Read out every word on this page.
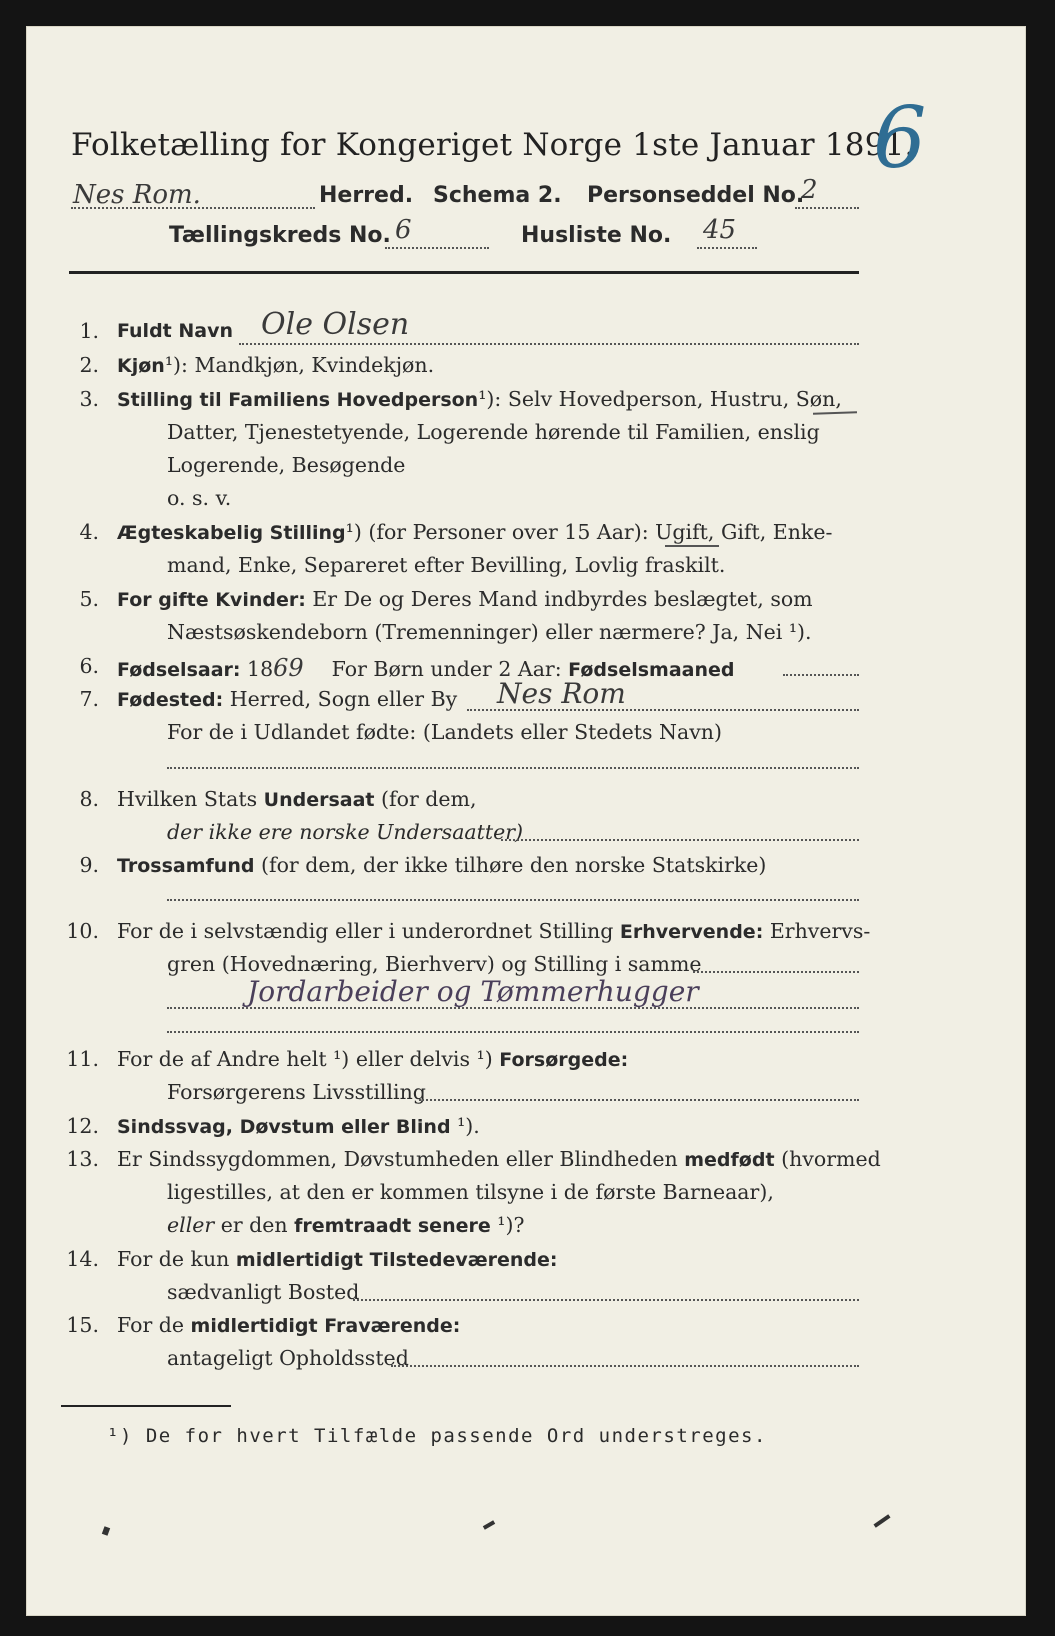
Folketælling for Kongeriget Norge 1ste Januar 1891.
6
Nes Rom.	Herred. Schema 2. Personseddel No.
2
Tællingskreds No. 6	Husliste No. 45
1. Fuldt Navn Ole Olsen
2. Kjøn¹): Mandkjøn, Kvindekjøn.
3. Stilling til Familiens Hovedperson¹): Selv Hovedperson, Hustru, Søn,
Datter, Tjenestetyende, Logerende hørende til Familien, enslig
Logerende, Besøgende
o. s. v.
4. Ægteskabelig Stilling¹) (for Personer over 15 Aar): Ugift, Gift, Enke-
mand, Enke, Separeret efter Bevilling, Lovlig fraskilt.
5. For gifte Kvinder: Er De og Deres Mand indbyrdes beslægtet, som
Næstsøskendeborn (Tremenninger) eller nærmere? Ja, Nei ¹).
6. Fødselsaar: 1869 For Børn under 2 Aar: Fødselsmaaned
7. Fødested: Herred, Sogn eller By Nes Rom
For de i Udlandet fødte: (Landets eller Stedets Navn)
8. Hvilken Stats Undersaat (for dem,
der ikke ere norske Undersaatter)
9. Trossamfund (for dem, der ikke tilhøre den norske Statskirke)
10. For de i selvstændig eller i underordnet Stilling Erhvervende: Erhvervs-
gren (Hovednæring, Bierhverv) og Stilling i samme
Jordarbeider og Tømmerhugger
11. For de af Andre helt ¹) eller delvis ¹) Forsørgede:
Forsørgerens Livsstilling
12. Sindssvag, Døvstum eller Blind ¹).
13. Er Sindssygdommen, Døvstumheden eller Blindheden medfødt (hvormed
ligestilles, at den er kommen tilsyne i de første Barneaar),
eller er den fremtraadt senere ¹)?
14. For de kun midlertidigt Tilstedeværende:
sædvanligt Bosted
15. For de midlertidigt Fraværende:
antageligt Opholdssted
¹) De for hvert Tilfælde passende Ord understreges.
